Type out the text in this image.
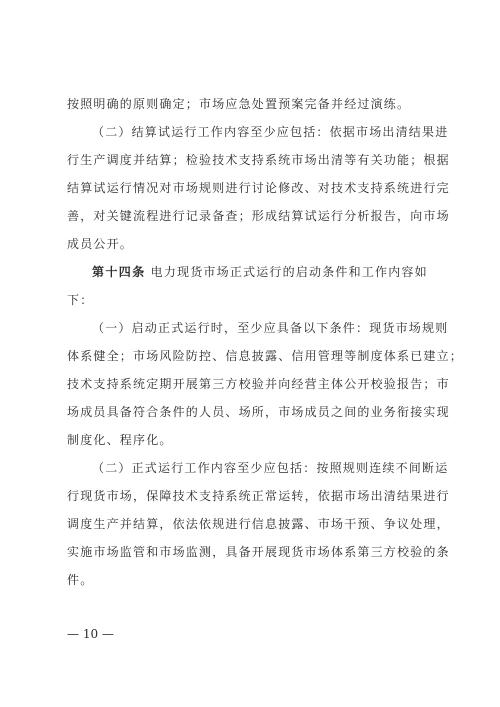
按照明确的原则确定；市场应急处置预案完备并经过演练。
（二）结算试运行工作内容至少应包括：依据市场出清结果进
行生产调度并结算；检验技术支持系统市场出清等有关功能；根据
结算试运行情况对市场规则进行讨论修改、对技术支持系统进行完
善，对关键流程进行记录备查；形成结算试运行分析报告，向市场
成员公开。
第十四条 电力现货市场正式运行的启动条件和工作内容如
下：
（一）启动正式运行时，至少应具备以下条件：现货市场规则
体系健全；市场风险防控、信息披露、信用管理等制度体系已建立；
技术支持系统定期开展第三方校验并向经营主体公开校验报告；市
场成员具备符合条件的人员、场所，市场成员之间的业务衔接实现
制度化、程序化。
（二）正式运行工作内容至少应包括：按照规则连续不间断运
行现货市场，保障技术支持系统正常运转，依据市场出清结果进行
调度生产并结算，依法依规进行信息披露、市场干预、争议处理，
实施市场监管和市场监测，具备开展现货市场体系第三方校验的条
件。
— 10 —
